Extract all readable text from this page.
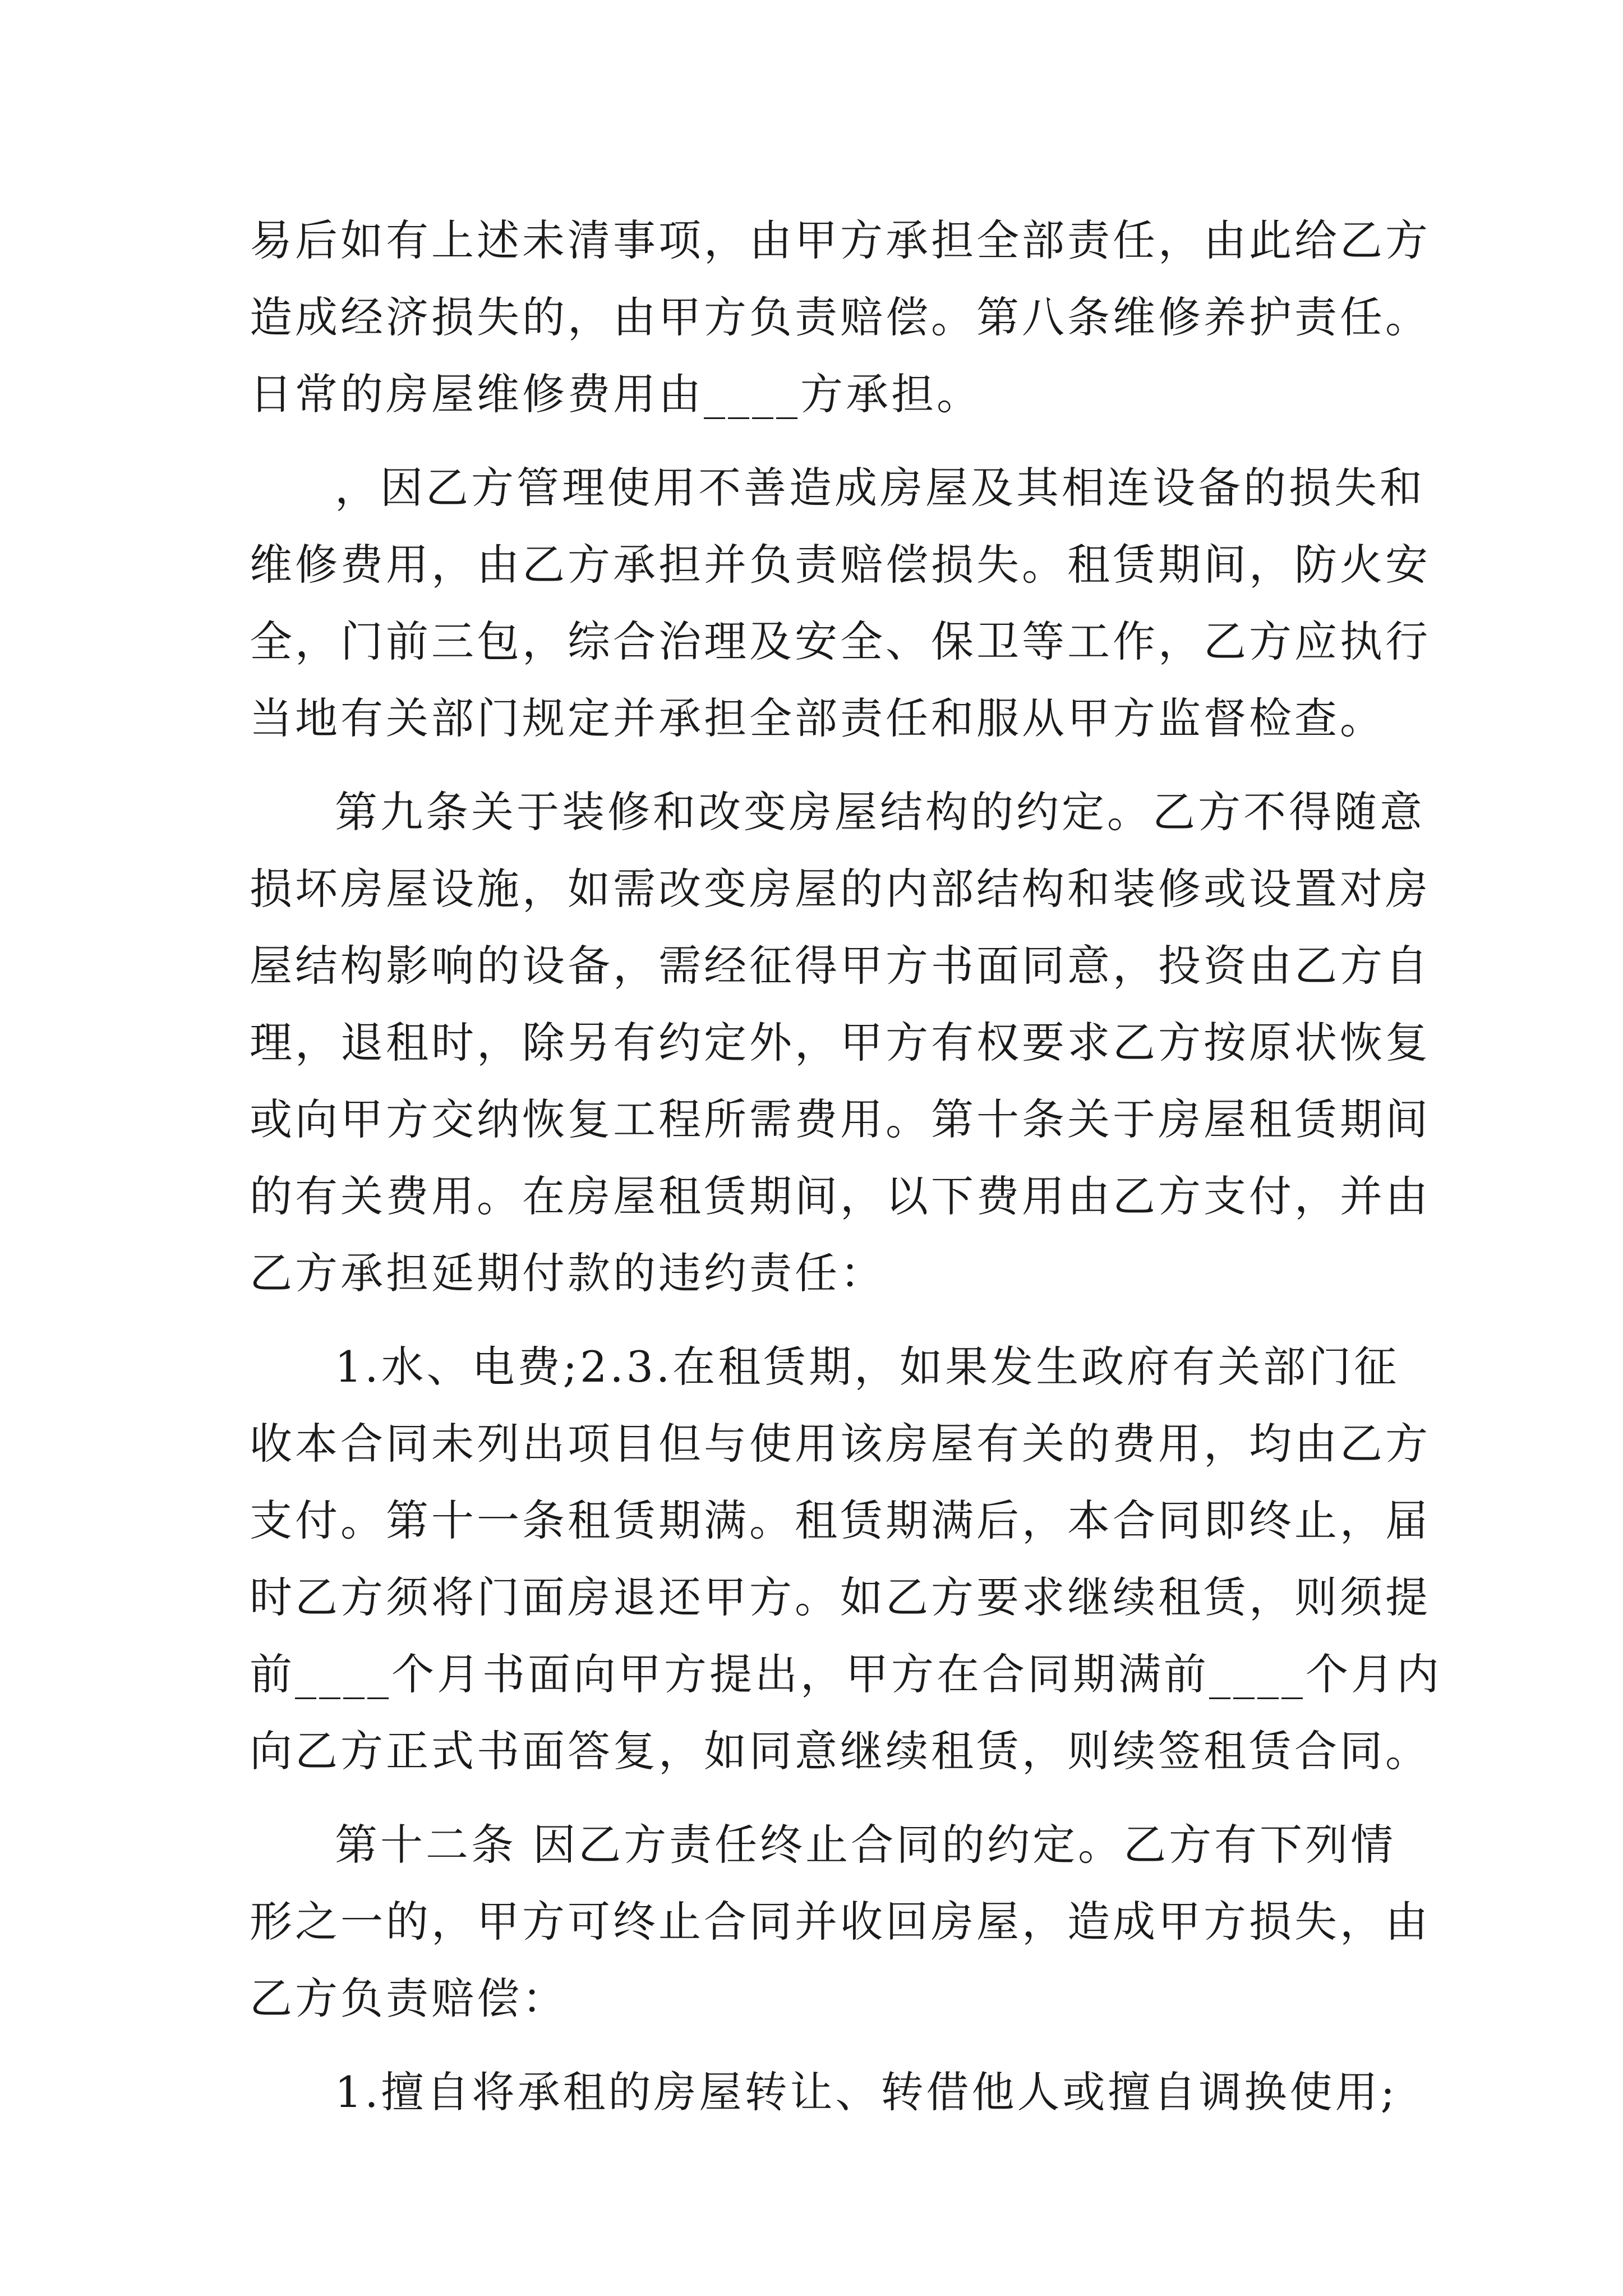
易后如有上述未清事项，由甲方承担全部责任，由此给乙方
造成经济损失的，由甲方负责赔偿。第八条维修养护责任。
日常的房屋维修费用由____方承担。
，因乙方管理使用不善造成房屋及其相连设备的损失和
维修费用，由乙方承担并负责赔偿损失。租赁期间，防火安
全，门前三包，综合治理及安全、保卫等工作，乙方应执行
当地有关部门规定并承担全部责任和服从甲方监督检查。
第九条关于装修和改变房屋结构的约定。乙方不得随意
损坏房屋设施，如需改变房屋的内部结构和装修或设置对房
屋结构影响的设备，需经征得甲方书面同意，投资由乙方自
理，退租时，除另有约定外，甲方有权要求乙方按原状恢复
或向甲方交纳恢复工程所需费用。第十条关于房屋租赁期间
的有关费用。在房屋租赁期间，以下费用由乙方支付，并由
乙方承担延期付款的违约责任：
1.水、电费;2.3.在租赁期，如果发生政府有关部门征
收本合同未列出项目但与使用该房屋有关的费用，均由乙方
支付。第十一条租赁期满。租赁期满后，本合同即终止，届
时乙方须将门面房退还甲方。如乙方要求继续租赁，则须提
前____个月书面向甲方提出，甲方在合同期满前____个月内
向乙方正式书面答复，如同意继续租赁，则续签租赁合同。
第十二条 因乙方责任终止合同的约定。乙方有下列情
形之一的，甲方可终止合同并收回房屋，造成甲方损失，由
乙方负责赔偿：
1.擅自将承租的房屋转让、转借他人或擅自调换使用;
